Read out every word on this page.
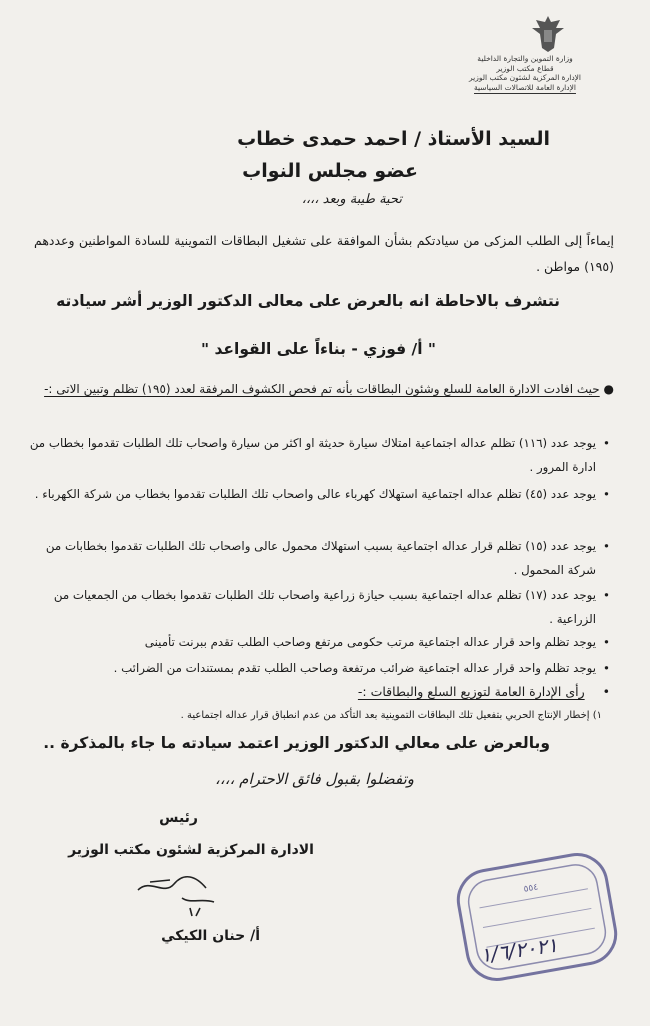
وزارة التموين والتجارة الداخلية
قطاع مكتب الوزير
الإدارة المركزية لشئون مكتب الوزير
الإدارة العامة للاتصالات السياسية
السيد الأستاذ / احمد حمدى خطاب
عضو مجلس النواب
تحية طيبة وبعد ،،،،
إيماءاً إلى الطلب المزكى من سيادتكم بشأن الموافقة على تشغيل البطاقات التموينية للسادة المواطنين وعددهم (١٩٥) مواطن .
نتشرف بالاحاطة انه بالعرض على معالى الدكتور الوزير أشر سيادته
" أ/ فوزي - بناءاً على القواعد "
● حيث افادت الادارة العامة للسلع وشئون البطاقات بأنه تم فحص الكشوف المرفقة لعدد (١٩٥) تظلم وتبين الاتى :-
•
يوجد عدد (١١٦) تظلم عداله اجتماعية امتلاك سيارة حديثة او اكثر من سيارة واصحاب تلك الطلبات تقدموا بخطاب من ادارة المرور .
•
يوجد عدد (٤٥) تظلم عداله اجتماعية استهلاك كهرباء عالى واصحاب تلك الطلبات تقدموا بخطاب من شركة الكهرباء .
•
يوجد عدد (١٥) تظلم قرار عداله اجتماعية بسبب استهلاك محمول عالى واصحاب تلك الطلبات تقدموا بخطابات من شركة المحمول .
•
يوجد عدد (١٧) تظلم عداله اجتماعية بسبب حيازة زراعية واصحاب تلك الطلبات تقدموا بخطاب من الجمعيات من الزراعية .
•
يوجد تظلم واحد قرار عداله اجتماعية مرتب حكومى مرتفع وصاحب الطلب تقدم ببرنت تأمينى
•
يوجد تظلم واحد قرار عداله اجتماعية ضرائب مرتفعة وصاحب الطلب تقدم بمستندات من الضرائب .
• رأى الإدارة العامة لتوزيع السلع والبطاقات :-
١) إخطار الإنتاج الحربي بتفعيل تلك البطاقات التموينية بعد التأكد من عدم انطباق قرار عداله اجتماعية .
وبالعرض على معالي الدكتور الوزير اعتمد سيادته ما جاء بالمذكرة ..
وتفضلوا بقبول فائق الاحترام ،،،،
رئيس
الادارة المركزية لشئون مكتب الوزير
أ/ حنان الكيكي
٥٥٤
١/٦/٢٠٢١
